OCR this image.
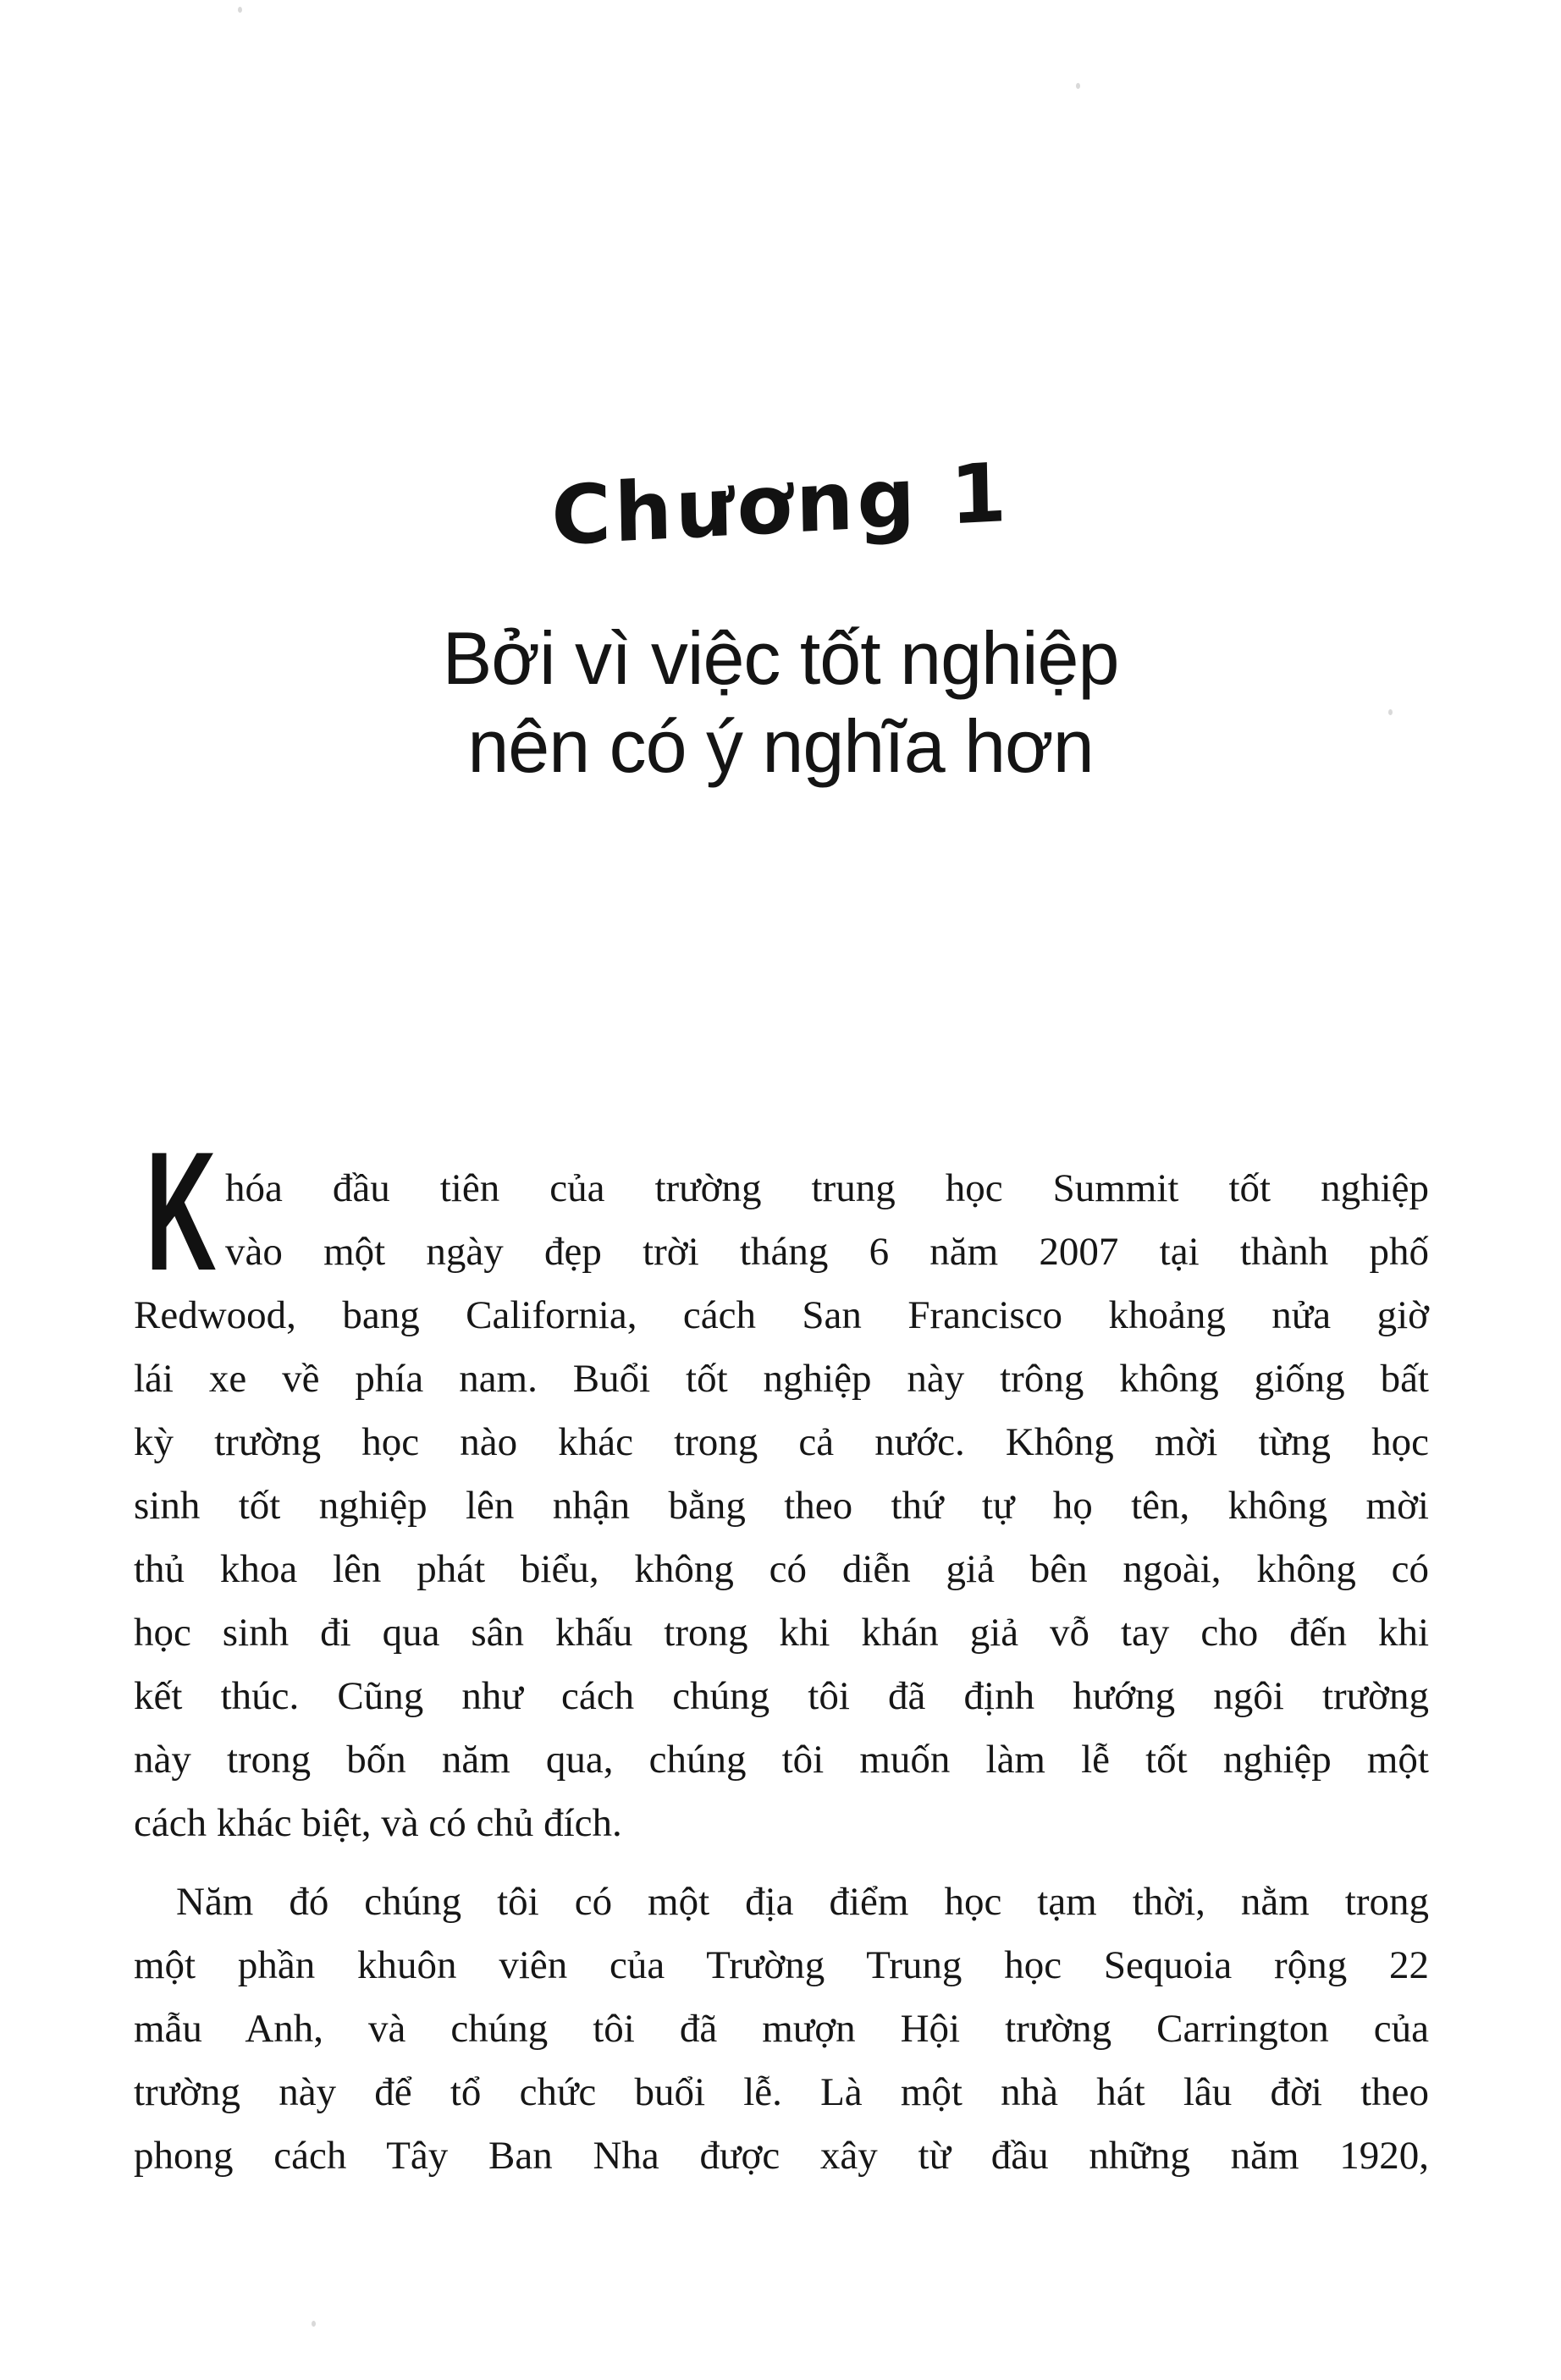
Chương 1
Bởi vì việc tốt nghiệp
nên có ý nghĩa hơn
K hóa đầu tiên của trường trung học Summit tốt nghiệp
vào một ngày đẹp trời tháng 6 năm 2007 tại thành phố
Redwood, bang California, cách San Francisco khoảng nửa giờ
lái xe về phía nam. Buổi tốt nghiệp này trông không giống bất
kỳ trường học nào khác trong cả nước. Không mời từng học
sinh tốt nghiệp lên nhận bằng theo thứ tự họ tên, không mời
thủ khoa lên phát biểu, không có diễn giả bên ngoài, không có
học sinh đi qua sân khấu trong khi khán giả vỗ tay cho đến khi
kết thúc. Cũng như cách chúng tôi đã định hướng ngôi trường
này trong bốn năm qua, chúng tôi muốn làm lễ tốt nghiệp một
cách khác biệt, và có chủ đích.
Năm đó chúng tôi có một địa điểm học tạm thời, nằm trong
một phần khuôn viên của Trường Trung học Sequoia rộng 22
mẫu Anh, và chúng tôi đã mượn Hội trường Carrington của
trường này để tổ chức buổi lễ. Là một nhà hát lâu đời theo
phong cách Tây Ban Nha được xây từ đầu những năm 1920,
